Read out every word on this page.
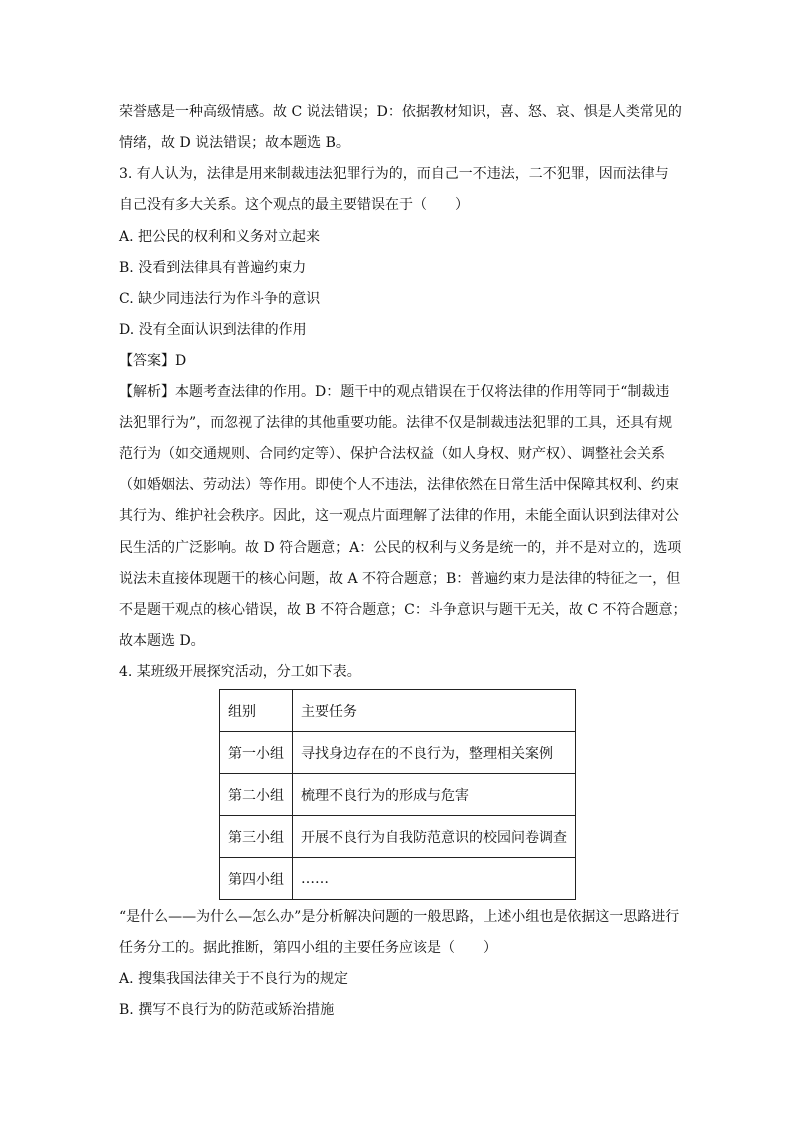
荣誉感是一种高级情感。故 C 说法错误；D：依据教材知识，喜、怒、哀、惧是人类常见的
情绪，故 D 说法错误；故本题选 B。
3. 有人认为，法律是用来制裁违法犯罪行为的，而自己一不违法，二不犯罪，因而法律与
自己没有多大关系。这个观点的最主要错误在于（　　）
A. 把公民的权利和义务对立起来
B. 没看到法律具有普遍约束力
C. 缺少同违法行为作斗争的意识
D. 没有全面认识到法律的作用
【答案】D
【解析】本题考查法律的作用。D：题干中的观点错误在于仅将法律的作用等同于“制裁违
法犯罪行为”，而忽视了法律的其他重要功能。法律不仅是制裁违法犯罪的工具，还具有规
范行为（如交通规则、合同约定等）、保护合法权益（如人身权、财产权）、调整社会关系
（如婚姻法、劳动法）等作用。即使个人不违法，法律依然在日常生活中保障其权利、约束
其行为、维护社会秩序。因此，这一观点片面理解了法律的作用，未能全面认识到法律对公
民生活的广泛影响。故 D 符合题意；A：公民的权利与义务是统一的，并不是对立的，选项
说法未直接体现题干的核心问题，故 A 不符合题意；B：普遍约束力是法律的特征之一，但
不是题干观点的核心错误，故 B 不符合题意；C：斗争意识与题干无关，故 C 不符合题意；
故本题选 D。
4. 某班级开展探究活动，分工如下表。
组别	主要任务
第一小组	寻找身边存在的不良行为，整理相关案例
第二小组	梳理不良行为的形成与危害
第三小组	开展不良行为自我防范意识的校园问卷调查
第四小组	……
“是什么——为什么—怎么办”是分析解决问题的一般思路，上述小组也是依据这一思路进行
任务分工的。据此推断，第四小组的主要任务应该是（　　）
A. 搜集我国法律关于不良行为的规定
B. 撰写不良行为的防范或矫治措施
